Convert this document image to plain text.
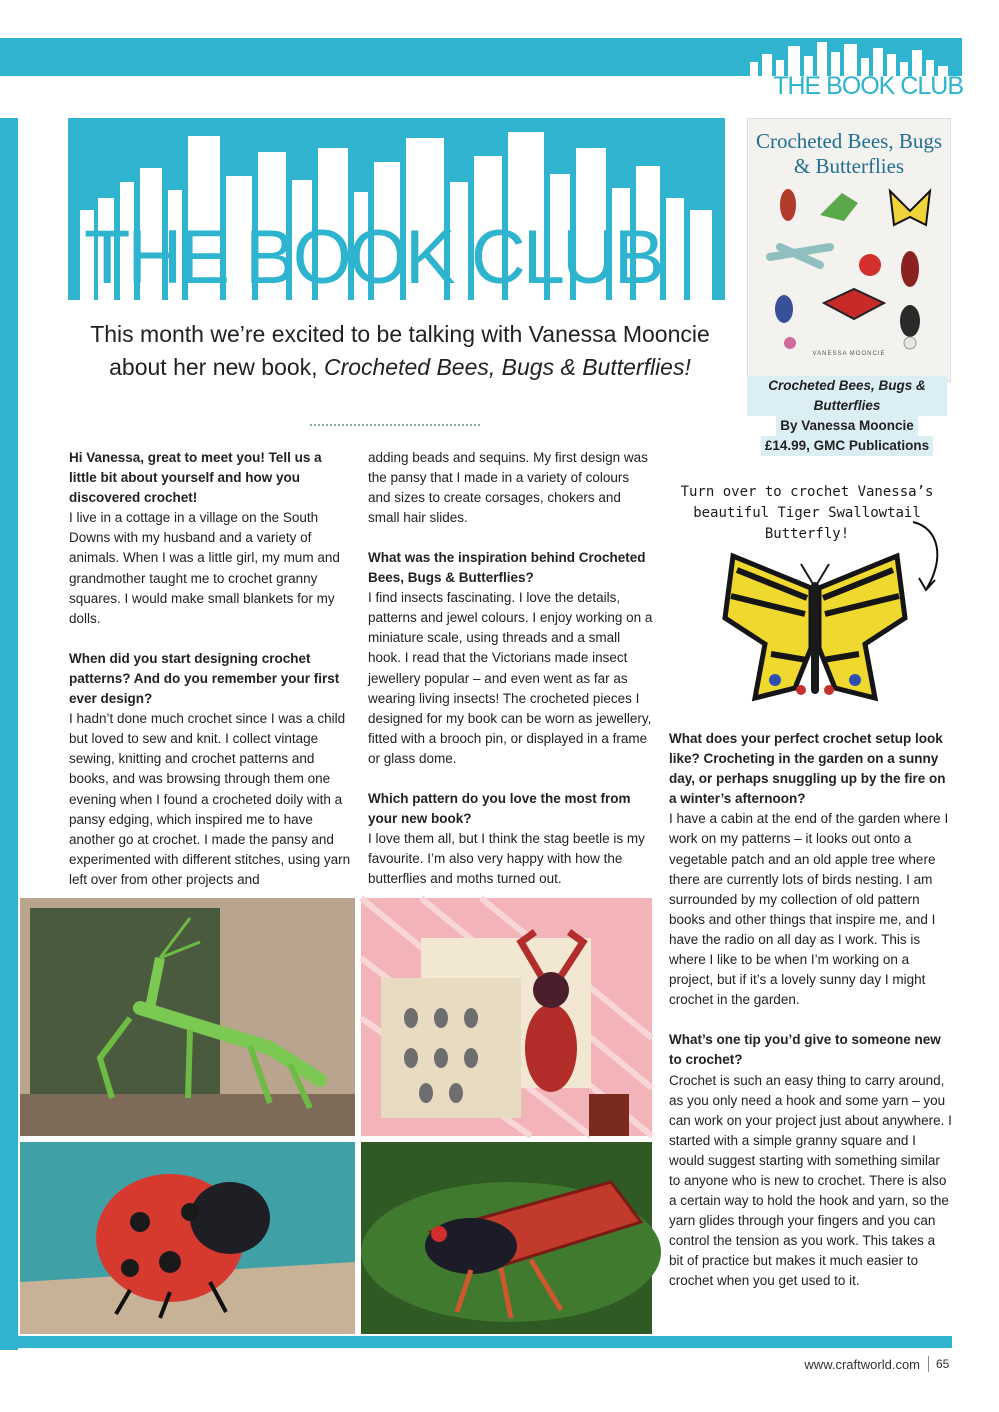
THE BOOK CLUB
THE BOOK CLUB
This month we’re excited to be talking with Vanessa Mooncie about her new book, Crocheted Bees, Bugs & Butterflies!
Crocheted Bees, Bugs & Butterflies
VANESSA MOONCIE
Crocheted Bees, Bugs & Butterflies
By Vanessa Mooncie
£14.99, GMC Publications
Turn over to crochet Vanessa’s beautiful Tiger Swallowtail Butterfly!

Hi Vanessa, great to meet you! Tell us a little bit about yourself and how you discovered crochet!
I live in a cottage in a village on the South Downs with my husband and a variety of animals. When I was a little girl, my mum and grandmother taught me to crochet granny squares. I would make small blankets for my dolls.

When did you start designing crochet patterns? And do you remember your first ever design?
I hadn’t done much crochet since I was a child but loved to sew and knit. I collect vintage sewing, knitting and crochet patterns and books, and was browsing through them one evening when I found a crocheted doily with a pansy edging, which inspired me to have another go at crochet. I made the pansy and experimented with different stitches, using yarn left over from other projects and

adding beads and sequins. My first design was the pansy that I made in a variety of colours and sizes to create corsages, chokers and small hair slides.

What was the inspiration behind Crocheted Bees, Bugs & Butterflies?
I find insects fascinating. I love the details, patterns and jewel colours. I enjoy working on a miniature scale, using threads and a small hook. I read that the Victorians made insect jewellery popular – and even went as far as wearing living insects! The crocheted pieces I designed for my book can be worn as jewellery, fitted with a brooch pin, or displayed in a frame or glass dome.

Which pattern do you love the most from your new book?
I love them all, but I think the stag beetle is my favourite. I’m also very happy with how the butterflies and moths turned out.

What does your perfect crochet setup look like? Crocheting in the garden on a sunny day, or perhaps snuggling up by the fire on a winter’s afternoon?
I have a cabin at the end of the garden where I work on my patterns – it looks out onto a vegetable patch and an old apple tree where there are currently lots of birds nesting. I am surrounded by my collection of old pattern books and other things that inspire me, and I have the radio on all day as I work. This is where I like to be when I’m working on a project, but if it’s a lovely sunny day I might crochet in the garden.

What’s one tip you’d give to someone new to crochet?
Crochet is such an easy thing to carry around, as you only need a hook and some yarn – you can work on your project just about anywhere. I started with a simple granny square and I would suggest starting with something similar to anyone who is new to crochet. There is also a certain way to hold the hook and yarn, so the yarn glides through your fingers and you can control the tension as you work. This takes a bit of practice but makes it much easier to crochet when you get used to it.

www.craftworld.com 65
